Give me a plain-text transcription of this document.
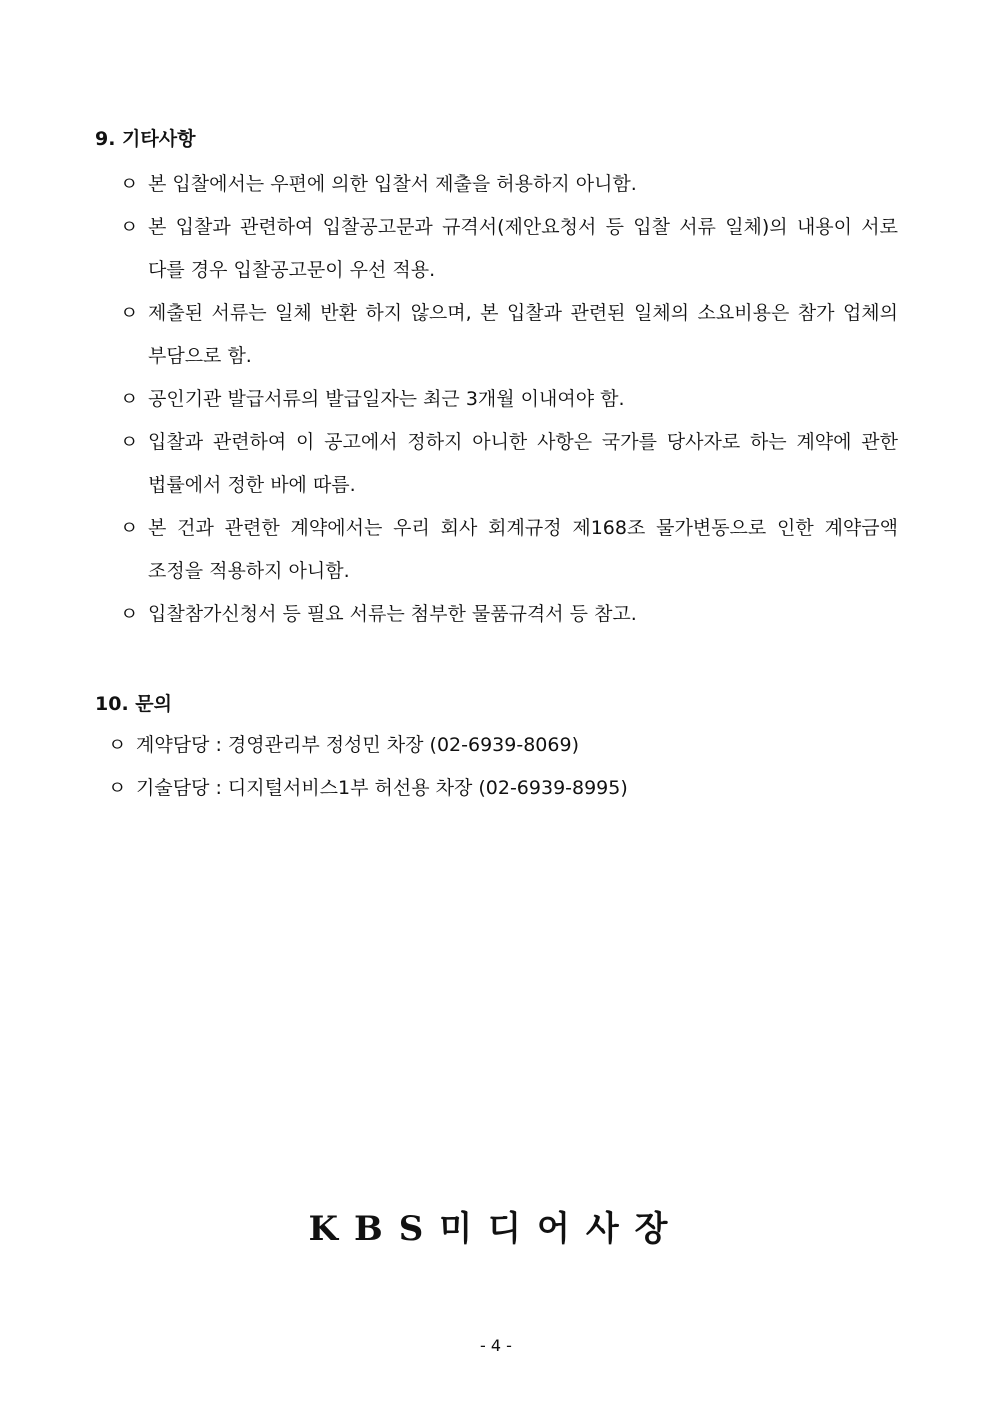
9. 기타사항
ㅇ 본 입찰에서는 우편에 의한 입찰서 제출을 허용하지 아니함.
ㅇ 본 입찰과 관련하여 입찰공고문과 규격서(제안요청서 등 입찰 서류 일체)의 내용이 서로 다를 경우 입찰공고문이 우선 적용.
ㅇ 제출된 서류는 일체 반환 하지 않으며, 본 입찰과 관련된 일체의 소요비용은 참가 업체의 부담으로 함.
ㅇ 공인기관 발급서류의 발급일자는 최근 3개월 이내여야 함.
ㅇ 입찰과 관련하여 이 공고에서 정하지 아니한 사항은 국가를 당사자로 하는 계약에 관한 법률에서 정한 바에 따름.
ㅇ 본 건과 관련한 계약에서는 우리 회사 회계규정 제168조 물가변동으로 인한 계약금액 조정을 적용하지 아니함.
ㅇ 입찰참가신청서 등 필요 서류는 첨부한 물품규격서 등 참고.
10. 문의
ㅇ 계약담당 : 경영관리부 정성민 차장 (02-6939-8069)
ㅇ 기술담당 : 디지털서비스1부 허선용 차장 (02-6939-8995)
KBS미디어사장
- 4 -
